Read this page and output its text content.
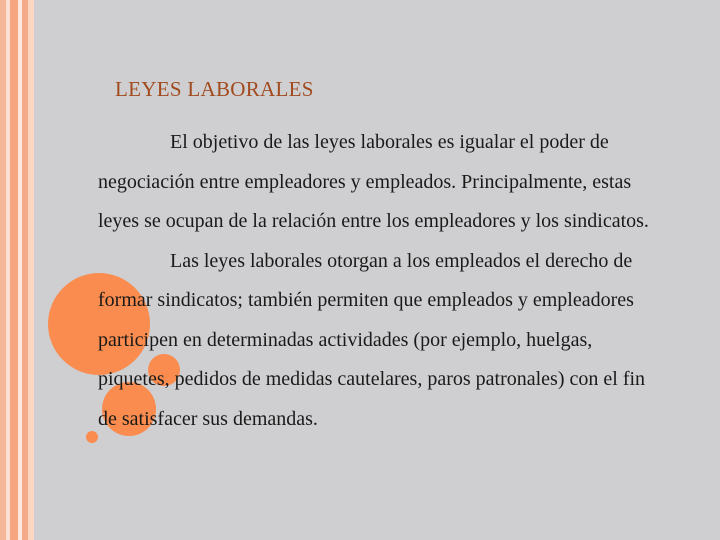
LEYES LABORALES

El objetivo de las leyes laborales es igualar el poder de negociación entre empleadores y empleados. Principalmente, estas leyes se ocupan de la relación entre los empleadores y los sindicatos.

Las leyes laborales otorgan a los empleados el derecho de formar sindicatos; también permiten que empleados y empleadores participen en determinadas actividades (por ejemplo, huelgas, piquetes, pedidos de medidas cautelares, paros patronales) con el fin de satisfacer sus demandas.
